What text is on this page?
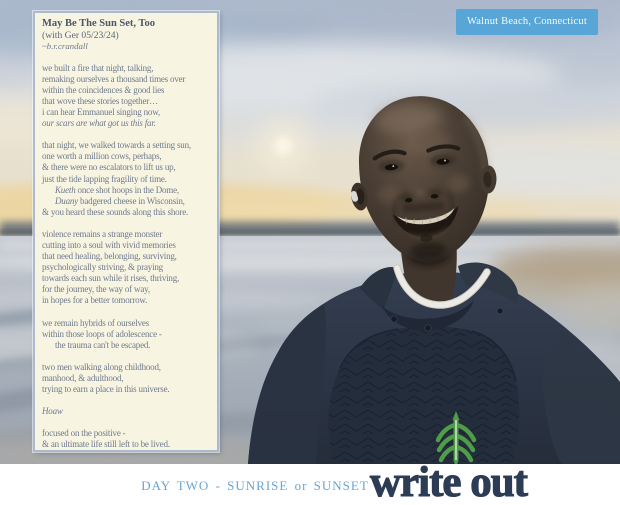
May Be The Sun Set, Too
(with Ger 05/23/24)
~b.r.crandall
we built a fire that night, talking,
remaking ourselves a thousand times over
within the coincidences & good lies
that wove these stories together…
i can hear Emmanuel singing now,
our scars are what got us this far.
that night, we walked towards a setting sun,
one worth a million cows, perhaps,
& there were no escalators to lift us up,
just the tide lapping fragility of time.
Kueth once shot hoops in the Dome,
Duany badgered cheese in Wisconsin,
& you heard these sounds along this shore.
violence remains a strange monster
cutting into a soul with vivid memories
that need healing, belonging, surviving,
psychologically striving, & praying
towards each sun while it rises, thriving,
for the journey, the way of way,
in hopes for a better tomorrow.
we remain hybrids of ourselves
within those loops of adolescence -
the trauma can't be escaped.
two men walking along childhood,
manhood, & adulthood,
trying to earn a place in this universe.
Hoaw
focused on the positive -
& an ultimate life still left to be lived.
Walnut Beach, Connecticut
DAY TWO - SUNRISE or SUNSET write out
